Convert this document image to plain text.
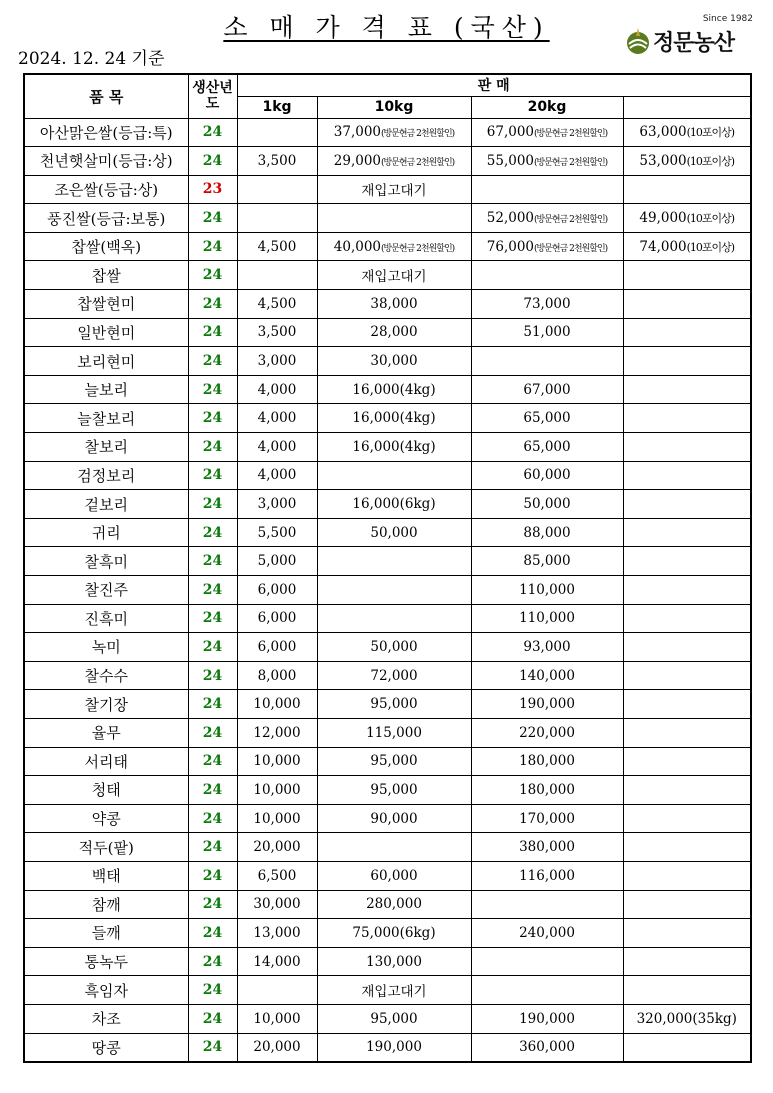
소 매 가 격 표 (국산)
2024. 12. 24 기준
Since 1982
정문농산
품 목	생산년도	판 매			
		1kg	10kg	20kg	
아산맑은쌀(등급:특)	24		37,000(방문현금 2천원할인)	67,000(방문현금 2천원할인)	63,000(10포이상)
천년햇살미(등급:상)	24	3,500	29,000(방문현금 2천원할인)	55,000(방문현금 2천원할인)	53,000(10포이상)
조은쌀(등급:상)	23		재입고대기		
풍진쌀(등급:보통)	24			52,000(방문현금 2천원할인)	49,000(10포이상)
찹쌀(백옥)	24	4,500	40,000(방문현금 2천원할인)	76,000(방문현금 2천원할인)	74,000(10포이상)
찹쌀	24		재입고대기		
찹쌀현미	24	4,500	38,000	73,000	
일반현미	24	3,500	28,000	51,000	
보리현미	24	3,000	30,000		
늘보리	24	4,000	16,000(4kg)	67,000	
늘찰보리	24	4,000	16,000(4kg)	65,000	
찰보리	24	4,000	16,000(4kg)	65,000	
검정보리	24	4,000		60,000	
겉보리	24	3,000	16,000(6kg)	50,000	
귀리	24	5,500	50,000	88,000	
찰흑미	24	5,000		85,000	
찰진주	24	6,000		110,000	
진흑미	24	6,000		110,000	
녹미	24	6,000	50,000	93,000	
찰수수	24	8,000	72,000	140,000	
찰기장	24	10,000	95,000	190,000	
율무	24	12,000	115,000	220,000	
서리태	24	10,000	95,000	180,000	
청태	24	10,000	95,000	180,000	
약콩	24	10,000	90,000	170,000	
적두(팥)	24	20,000		380,000	
백태	24	6,500	60,000	116,000	
참깨	24	30,000	280,000		
들깨	24	13,000	75,000(6kg)	240,000	
통녹두	24	14,000	130,000		
흑임자	24		재입고대기		
차조	24	10,000	95,000	190,000	320,000(35kg)
땅콩	24	20,000	190,000	360,000	
